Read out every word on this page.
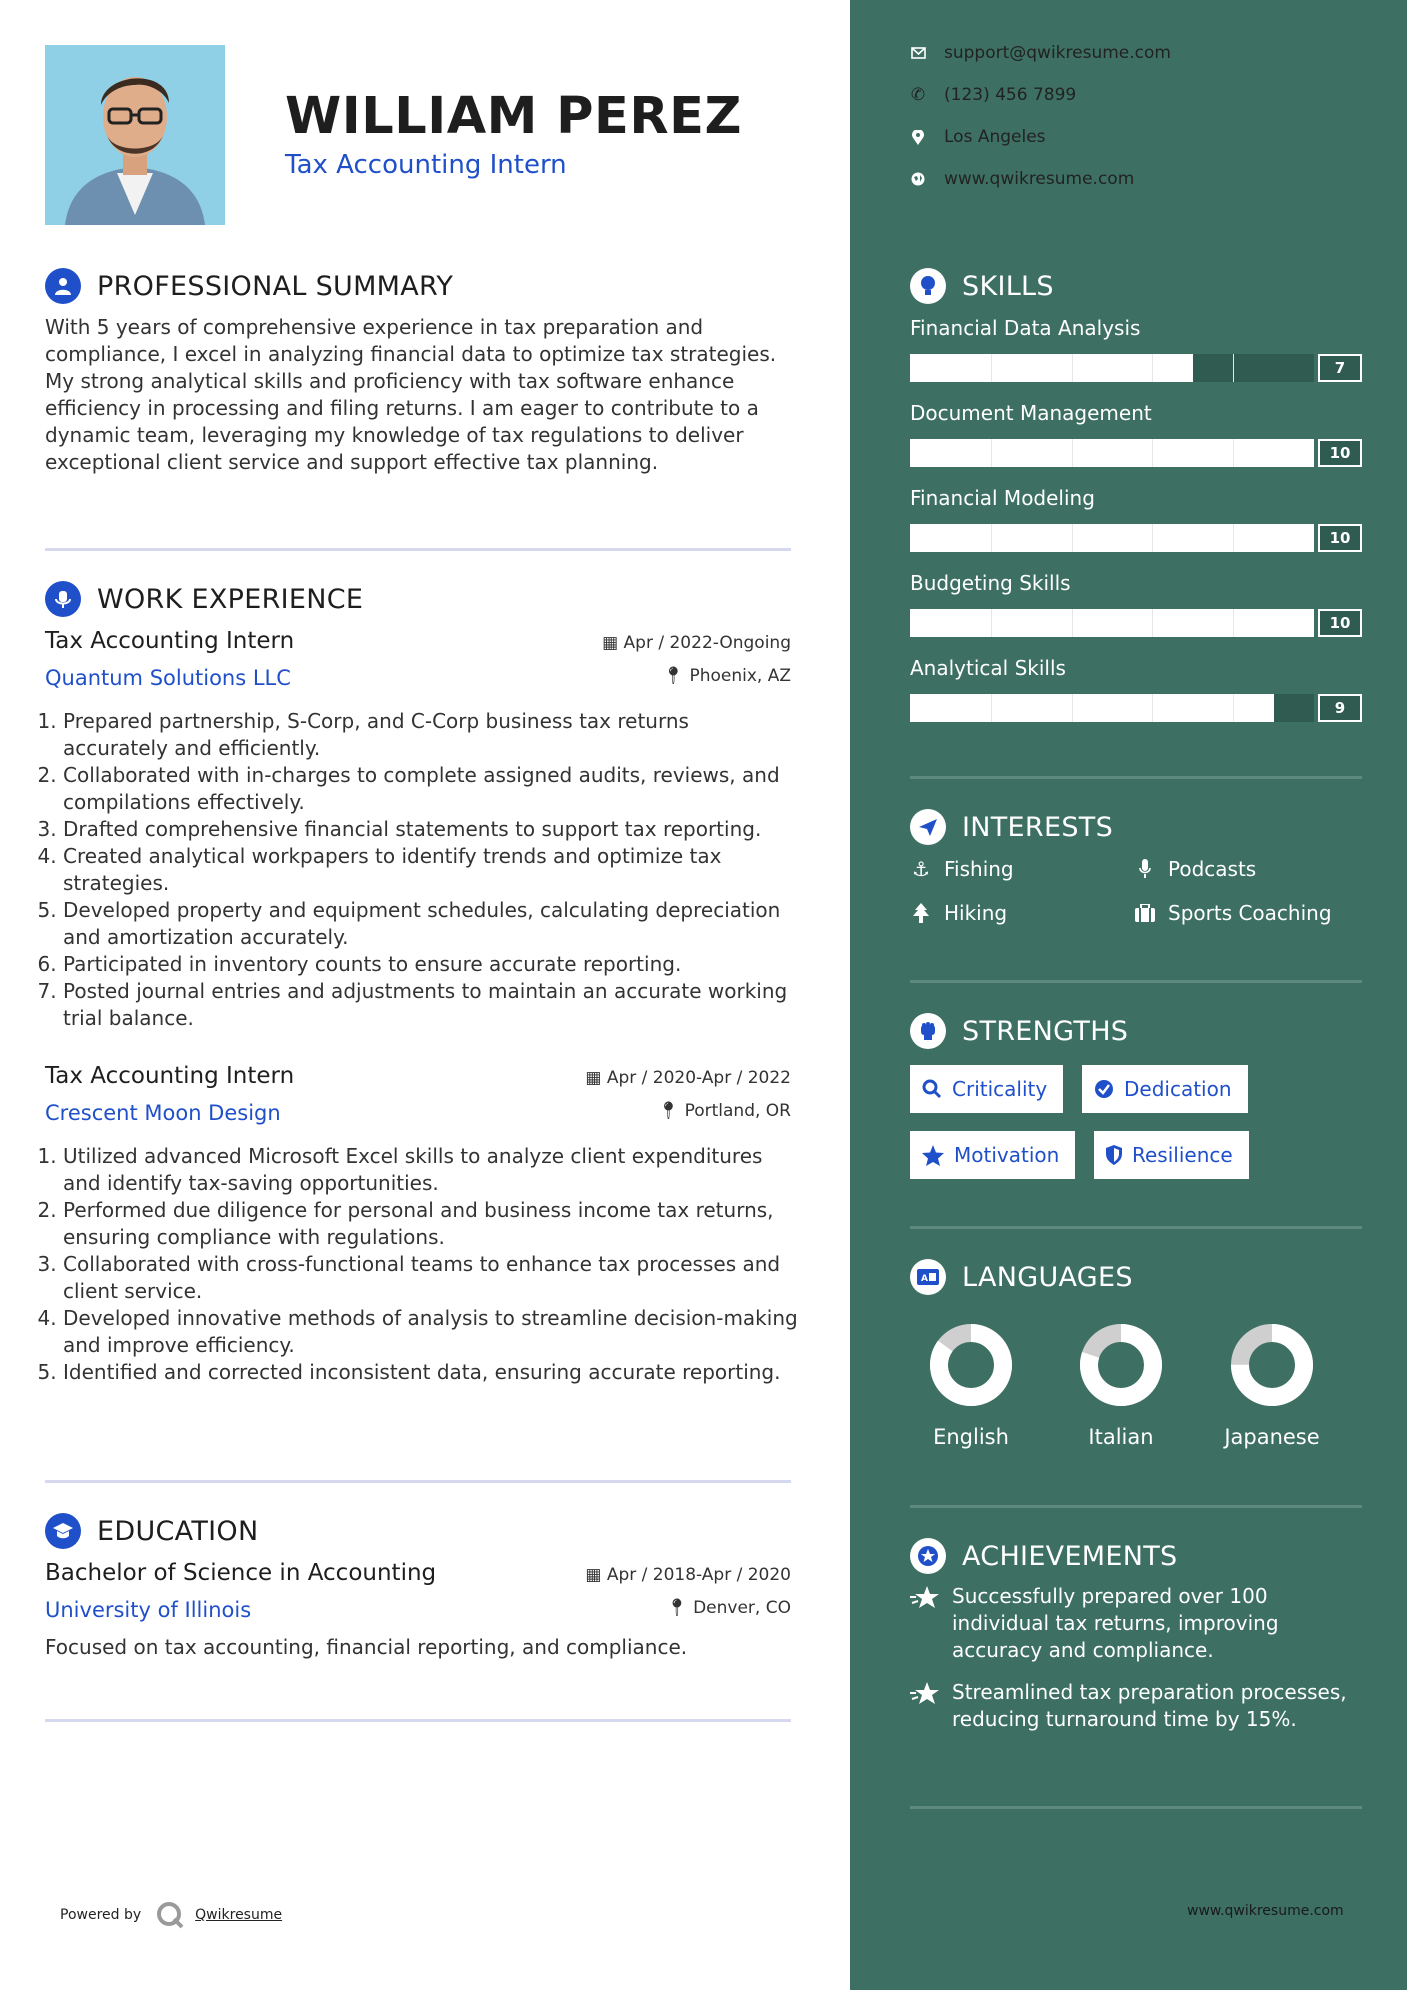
WILLIAM PEREZ
Tax Accounting Intern
PROFESSIONAL SUMMARY

With 5 years of comprehensive experience in tax preparation and compliance, I excel in analyzing financial data to optimize tax strategies. My strong analytical skills and proficiency with tax software enhance efficiency in processing and filing returns. I am eager to contribute to a dynamic team, leveraging my knowledge of tax regulations to deliver exceptional client service and support effective tax planning.

WORK EXPERIENCE
Tax Accounting Intern
Quantum Solutions LLC
▦ Apr / 2022-Ongoing
📍︎ Phoenix, AZ
1. Prepared partnership, S-Corp, and C-Corp business tax returns accurately and efficiently.
2. Collaborated with in-charges to complete assigned audits, reviews, and compilations effectively.
3. Drafted comprehensive financial statements to support tax reporting.
4. Created analytical workpapers to identify trends and optimize tax strategies.
5. Developed property and equipment schedules, calculating depreciation and amortization accurately.
6. Participated in inventory counts to ensure accurate reporting.
7. Posted journal entries and adjustments to maintain an accurate working trial balance.
Tax Accounting Intern
Crescent Moon Design
▦ Apr / 2020-Apr / 2022
📍︎ Portland, OR
1. Utilized advanced Microsoft Excel skills to analyze client expenditures and identify tax-saving opportunities.
2. Performed due diligence for personal and business income tax returns, ensuring compliance with regulations.
3. Collaborated with cross-functional teams to enhance tax processes and client service.
4. Developed innovative methods of analysis to streamline decision-making and improve efficiency.
5. Identified and corrected inconsistent data, ensuring accurate reporting.
EDUCATION
Bachelor of Science in Accounting
University of Illinois
▦ Apr / 2018-Apr / 2020
📍︎ Denver, CO
Focused on tax accounting, financial reporting, and compliance.
Powered by	Qwikresume
support@qwikresume.com
✆ (123) 456 7899
Los Angeles
www.qwikresume.com
SKILLS
Financial Data Analysis
7
Document Management
10
Financial Modeling
10
Budgeting Skills
10
Analytical Skills
9
INTERESTS
⚓︎ Fishing	Podcasts
Hiking	Sports Coaching
STRENGTHS
Criticality	Dedication
Motivation	Resilience
A LANGUAGES
English	Italian	Japanese
ACHIEVEMENTS
Successfully prepared over 100 individual tax returns, improving accuracy and compliance.
Streamlined tax preparation processes, reducing turnaround time by 15%.
www.qwikresume.com
